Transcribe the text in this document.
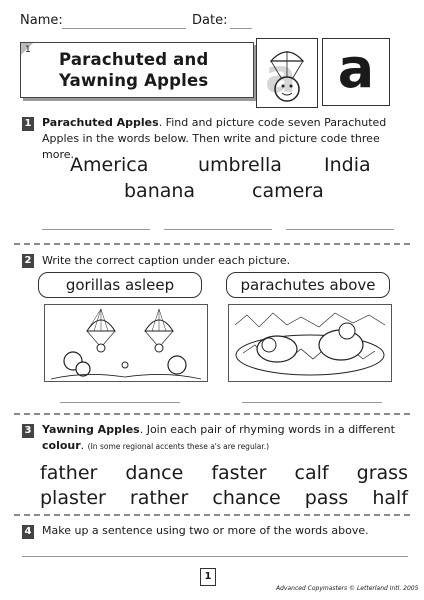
Name:	Date:
1 Parachuted and
Yawning Apples a a
1 Parachuted Apples. Find and picture code seven Parachuted
Apples in the words below. Then write and picture code three more.
America	umbrella India
banana	camera
2 Write the correct caption under each picture.
gorillas asleep	parachutes above
3 Yawning Apples. Join each pair of rhyming words in a different
colour. (In some regional accents these a's are regular.)
father dance faster calf grass
plaster rather chance pass half
4 Make up a sentence using two or more of the words above.
1
Advanced Copymasters © Letterland Intl. 2005
